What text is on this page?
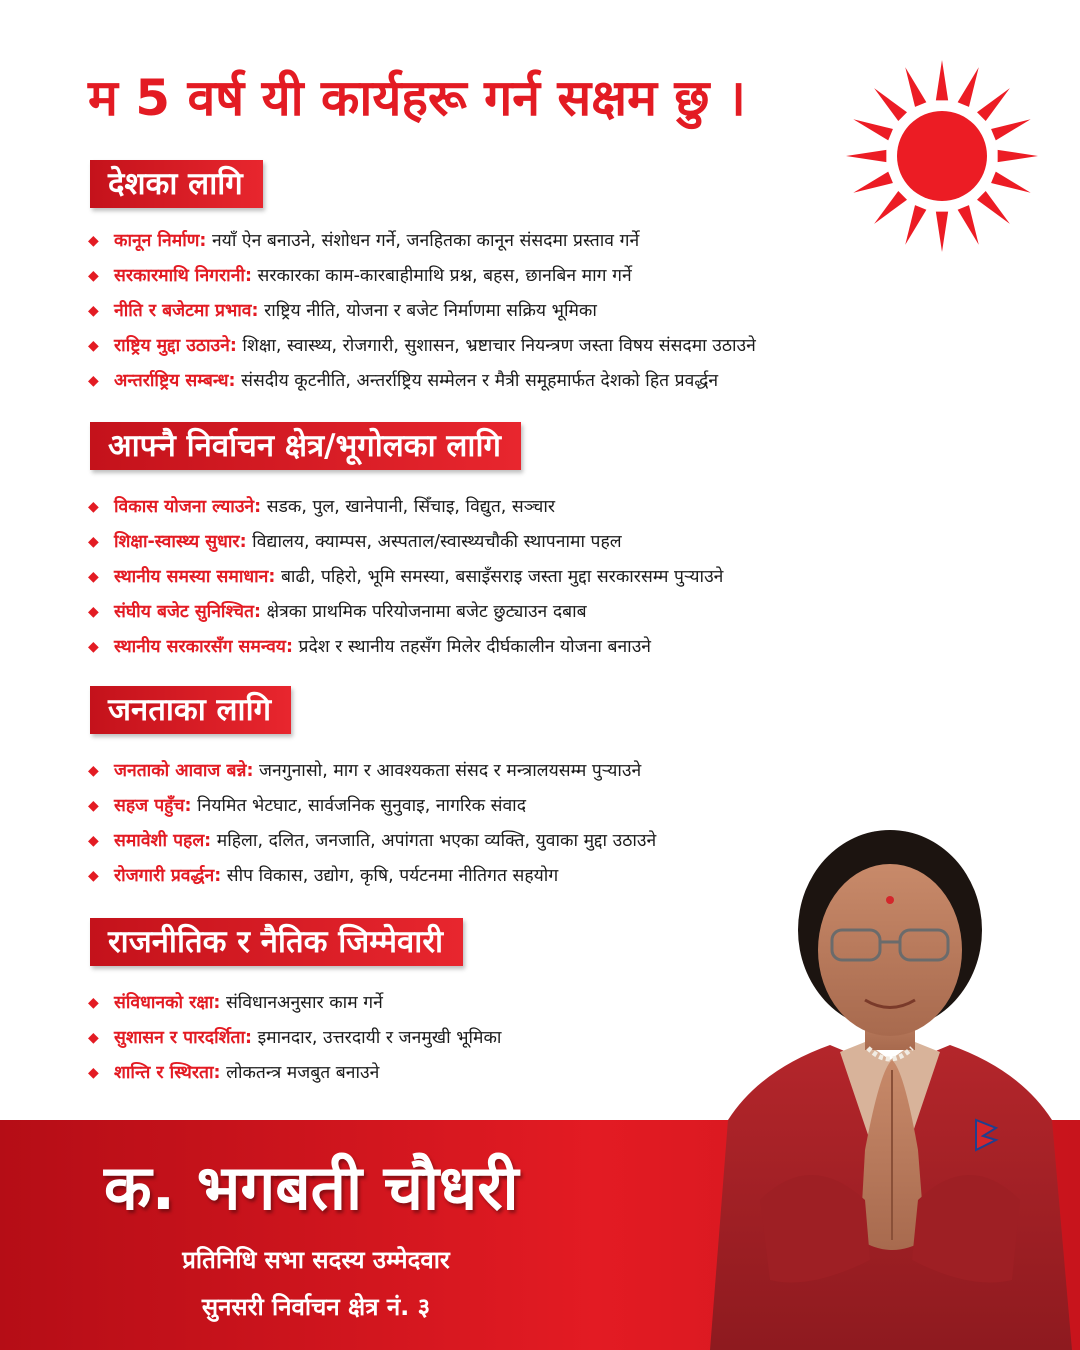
म 5 वर्ष यी कार्यहरू गर्न सक्षम छु ।
देशका लागि
◆ कानून निर्माण: नयाँ ऐन बनाउने, संशोधन गर्ने, जनहितका कानून संसदमा प्रस्ताव गर्ने
◆ सरकारमाथि निगरानी: सरकारका काम-कारबाहीमाथि प्रश्न, बहस, छानबिन माग गर्ने
◆ नीति र बजेटमा प्रभाव: राष्ट्रिय नीति, योजना र बजेट निर्माणमा सक्रिय भूमिका
◆ राष्ट्रिय मुद्दा उठाउने: शिक्षा, स्वास्थ्य, रोजगारी, सुशासन, भ्रष्टाचार नियन्त्रण जस्ता विषय संसदमा उठाउने
◆ अन्तर्राष्ट्रिय सम्बन्ध: संसदीय कूटनीति, अन्तर्राष्ट्रिय सम्मेलन र मैत्री समूहमार्फत देशको हित प्रवर्द्धन
आफ्नै निर्वाचन क्षेत्र/भूगोलका लागि
◆ विकास योजना ल्याउने: सडक, पुल, खानेपानी, सिँचाइ, विद्युत, सञ्चार
◆ शिक्षा-स्वास्थ्य सुधार: विद्यालय, क्याम्पस, अस्पताल/स्वास्थ्यचौकी स्थापनामा पहल
◆ स्थानीय समस्या समाधान: बाढी, पहिरो, भूमि समस्या, बसाइँसराइ जस्ता मुद्दा सरकारसम्म पुर्‍याउने
◆ संघीय बजेट सुनिश्चित: क्षेत्रका प्राथमिक परियोजनामा बजेट छुट्याउन दबाब
◆ स्थानीय सरकारसँग समन्वय: प्रदेश र स्थानीय तहसँग मिलेर दीर्घकालीन योजना बनाउने
जनताका लागि
◆ जनताको आवाज बन्ने: जनगुनासो, माग र आवश्यकता संसद र मन्त्रालयसम्म पुर्‍याउने
◆ सहज पहुँच: नियमित भेटघाट, सार्वजनिक सुनुवाइ, नागरिक संवाद
◆ समावेशी पहल: महिला, दलित, जनजाति, अपांगता भएका व्यक्ति, युवाका मुद्दा उठाउने
◆ रोजगारी प्रवर्द्धन: सीप विकास, उद्योग, कृषि, पर्यटनमा नीतिगत सहयोग
राजनीतिक र नैतिक जिम्मेवारी
◆ संविधानको रक्षा: संविधानअनुसार काम गर्ने
◆ सुशासन र पारदर्शिता: इमानदार, उत्तरदायी र जनमुखी भूमिका
◆ शान्ति र स्थिरता: लोकतन्त्र मजबुत बनाउने
क. भगबती चौधरी
प्रतिनिधि सभा सदस्य उम्मेदवार
सुनसरी निर्वाचन क्षेत्र नं. ३
